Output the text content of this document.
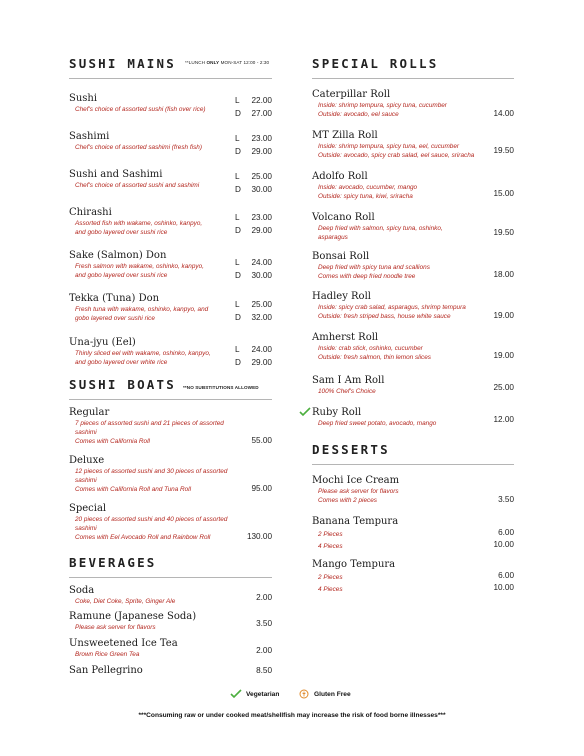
SUSHI MAINS **LUNCH ONLY MON-SAT 12:00 - 2:30
Sushi
Chef's choice of assorted sushi (fish over rice)
L 22.00
D 27.00
Sashimi
Chef's choice of assorted sashimi (fresh fish)
L 23.00
D 29.00
Sushi and Sashimi
Chef's choice of assorted sushi and sashimi
L 25.00
D 30.00
Chirashi
Assorted fish with wakame, oshinko, kanpyo,
and gobo layered over sushi rice
L 23.00
D 29.00
Sake (Salmon) Don
Fresh salmon with wakame, oshinko, kanpyo,
and gobo layered over sushi rice
L 24.00
D 30.00
Tekka (Tuna) Don
Fresh tuna with wakame, oshinko, kanpyo, and
gobo layered over sushi rice
L 25.00
D 32.00
Una-jyu (Eel)
Thinly sliced eel with wakame, oshinko, kanpyo,
and gobo layered over white rice
L 24.00
D 29.00
SUSHI BOATS **NO SUBSTITUTIONS ALLOWED
Regular
7 pieces of assorted sushi and 21 pieces of assorted
sashimi
Comes with California Roll	55.00
Deluxe
12 pieces of assorted sushi and 30 pieces of assorted
sashimi
Comes with California Roll and Tuna Roll	95.00
Special
20 pieces of assorted sushi and 40 pieces of assorted
sashimi
Comes with Eel Avocado Roll and Rainbow Roll	130.00
BEVERAGES
Soda
Coke, Diet Coke, Sprite, Ginger Ale	2.00
Ramune (Japanese Soda)
Please ask server for flavors	3.50
Unsweetened Ice Tea
Brown Rice Green Tea	2.00
San Pellegrino	8.50
SPECIAL ROLLS
Caterpillar Roll
Inside: shrimp tempura, spicy tuna, cucumber
Outside: avocado, eel sauce	14.00
MT Zilla Roll
Inside: shrimp tempura, spicy tuna, eel, cucumber
Outside: avocado, spicy crab salad, eel sauce, sriracha
19.50
Adolfo Roll
Inside: avocado, cucumber, mango
Outside: spicy tuna, kiwi, sriracha	15.00
Volcano Roll
Deep fried with salmon, spicy tuna, oshinko,
asparagus
19.50
Bonsai Roll
Deep fried with spicy tuna and scallions
Comes with deep fried noodle tree	18.00
Hadley Roll
Inside: spicy crab salad, asparagus, shrimp tempura
Outside: fresh striped bass, house white sauce	19.00
Amherst Roll
Inside: crab stick, oshinko, cucumber
Outside: fresh salmon, thin lemon slices	19.00
Sam I Am Roll
100% Chef's Choice	25.00
Ruby Roll
Deep fried sweet potato, avocado, mango	12.00
DESSERTS
Mochi Ice Cream
Please ask server for flavors
Comes with 2 pieces	3.50
Banana Tempura
2 Pieces	6.00
4 Pieces	10.00
Mango Tempura
2 Pieces	6.00
4 Pieces	10.00
Vegetarian	Gluten Free
***Consuming raw or under cooked meat/shellfish may increase the risk of food borne illnesses***
